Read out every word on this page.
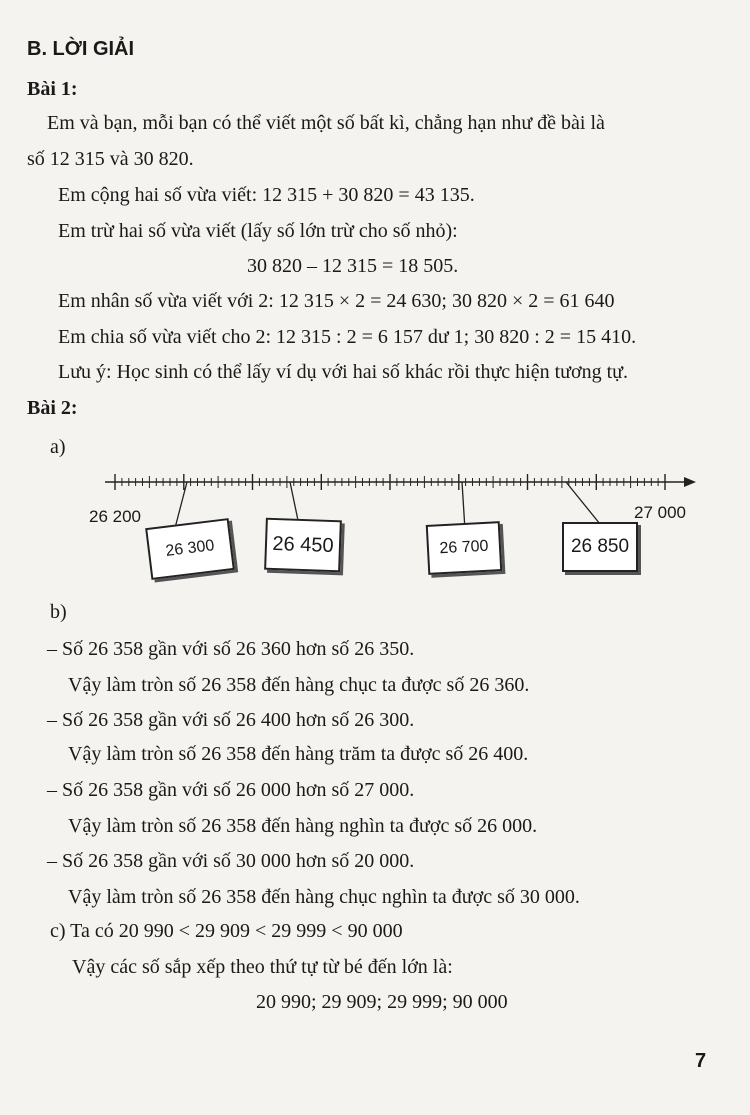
B. LỜI GIẢI
Bài 1:
Em và bạn, mỗi bạn có thể viết một số bất kì, chẳng hạn như đề bài là
số 12 315 và 30 820.
Em cộng hai số vừa viết: 12 315 + 30 820 = 43 135.
Em trừ hai số vừa viết (lấy số lớn trừ cho số nhỏ):
30 820 – 12 315 = 18 505.
Em nhân số vừa viết với 2: 12 315 × 2 = 24 630; 30 820 × 2 = 61 640
Em chia số vừa viết cho 2: 12 315 : 2 = 6 157 dư 1; 30 820 : 2 = 15 410.
Lưu ý: Học sinh có thể lấy ví dụ với hai số khác rồi thực hiện tương tự.
Bài 2:
a)
26 200	27 000
26 300	26 450	26 700	26 850
b)
– Số 26 358 gần với số 26 360 hơn số 26 350.
Vậy làm tròn số 26 358 đến hàng chục ta được số 26 360.
– Số 26 358 gần với số 26 400 hơn số 26 300.
Vậy làm tròn số 26 358 đến hàng trăm ta được số 26 400.
– Số 26 358 gần với số 26 000 hơn số 27 000.
Vậy làm tròn số 26 358 đến hàng nghìn ta được số 26 000.
– Số 26 358 gần với số 30 000 hơn số 20 000.
Vậy làm tròn số 26 358 đến hàng chục nghìn ta được số 30 000.
c) Ta có 20 990 < 29 909 < 29 999 < 90 000
Vậy các số sắp xếp theo thứ tự từ bé đến lớn là:
20 990; 29 909; 29 999; 90 000
7
